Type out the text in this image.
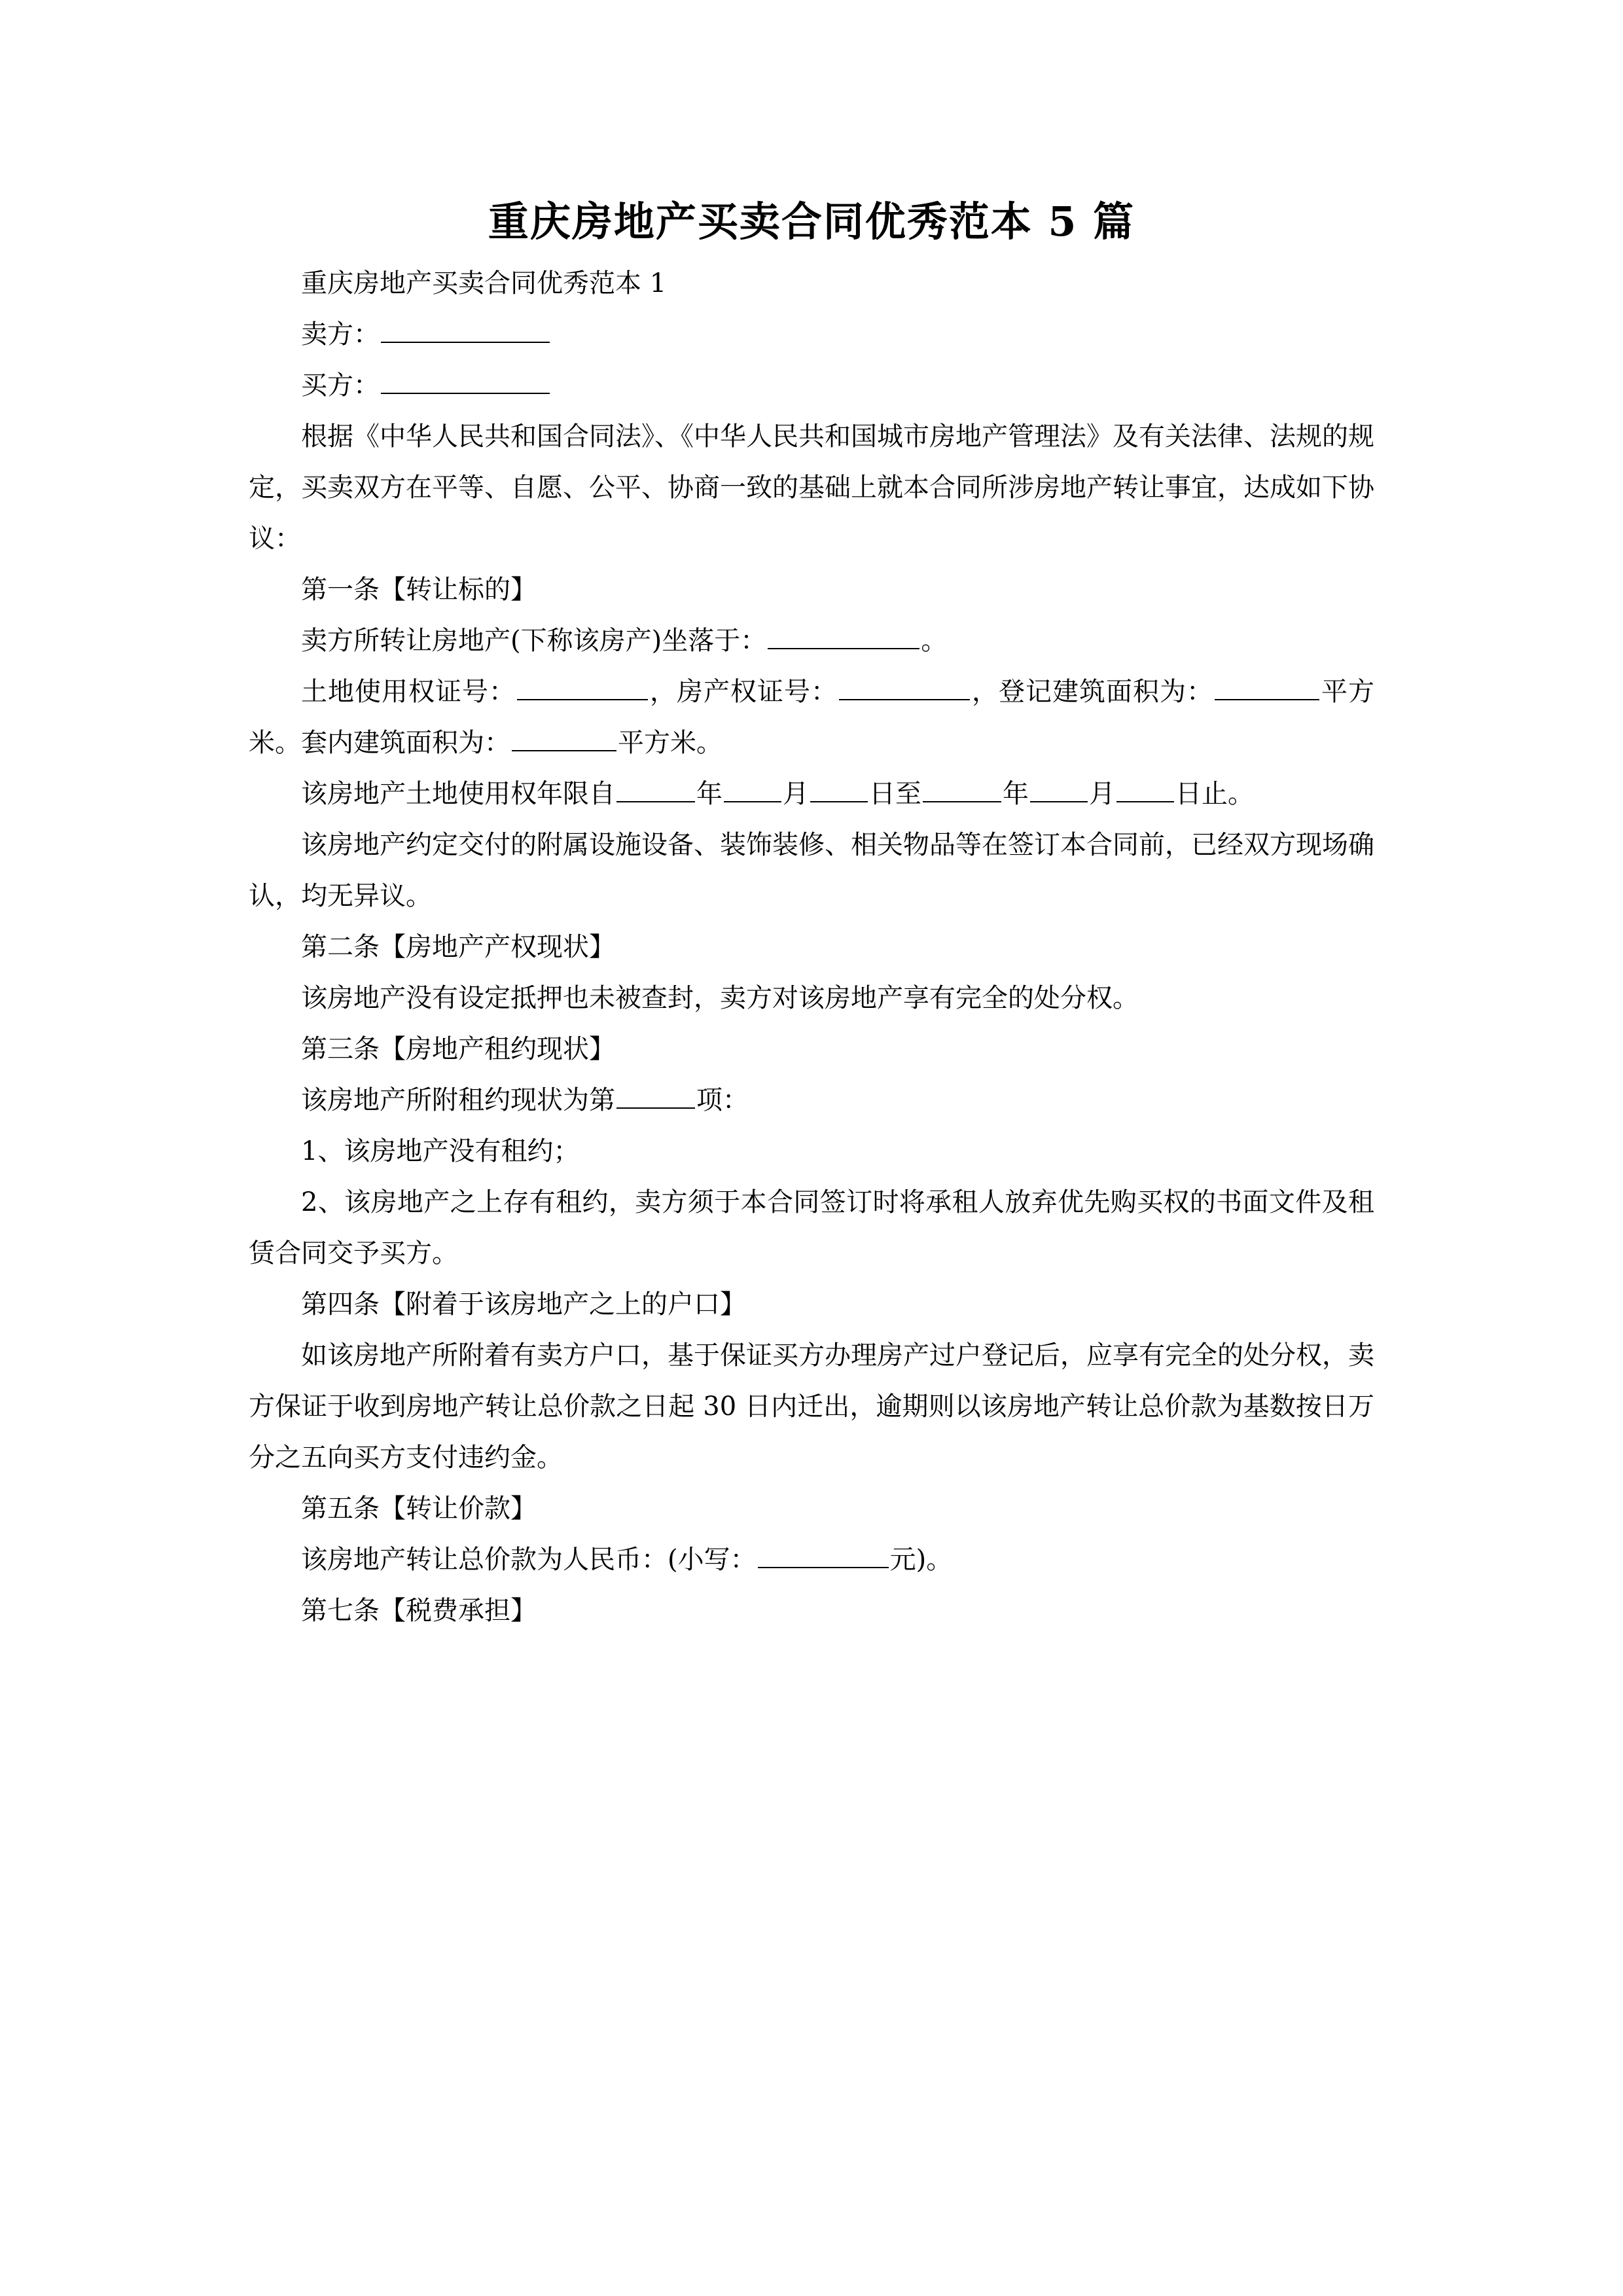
重庆房地产买卖合同优秀范本 5 篇

重庆房地产买卖合同优秀范本 1

卖方：

买方：

根据《中华人民共和国合同法》、《中华人民共和国城市房地产管理法》及有关法律、法规的规定，买卖双方在平等、自愿、公平、协商一致的基础上就本合同所涉房地产转让事宜，达成如下协议：

第一条【转让标的】

卖方所转让房地产(下称该房产)坐落于：	。

土地使用权证号：	，房产权证号：	，登记建筑面积为：	平方米。套内建筑面积为：	平方米。

该房地产土地使用权年限自	年 月 日至	年 月 日止。

该房地产约定交付的附属设施设备、装饰装修、相关物品等在签订本合同前，已经双方现场确认，均无异议。

第二条【房地产产权现状】

该房地产没有设定抵押也未被查封，卖方对该房地产享有完全的处分权。

第三条【房地产租约现状】

该房地产所附租约现状为第	项：

1、该房地产没有租约；

2、该房地产之上存有租约，卖方须于本合同签订时将承租人放弃优先购买权的书面文件及租赁合同交予买方。

第四条【附着于该房地产之上的户口】

如该房地产所附着有卖方户口，基于保证买方办理房产过户登记后，应享有完全的处分权，卖方保证于收到房地产转让总价款之日起 30 日内迁出，逾期则以该房地产转让总价款为基数按日万分之五向买方支付违约金。

第五条【转让价款】

该房地产转让总价款为人民币：(小写：	元)。

第七条【税费承担】
